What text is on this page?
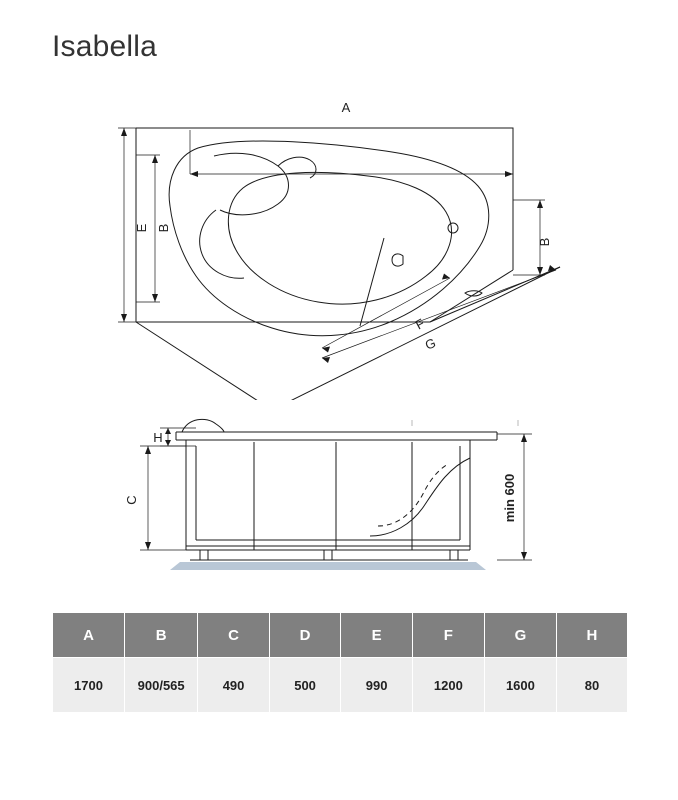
Isabella
A
B
E B
F
G
H
C	min 600
A	B	C	D	E	F	G	H
1700	900/565	490	500	990	1200	1600	80
